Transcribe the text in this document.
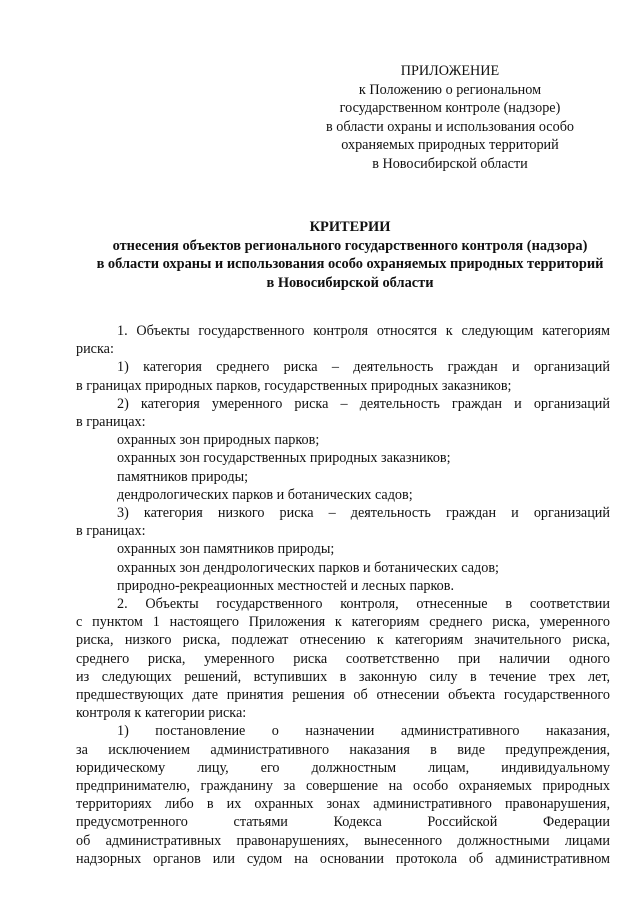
ПРИЛОЖЕНИЕ
к Положению о региональном
государственном контроле (надзоре)
в области охраны и использования особо
охраняемых природных территорий
в Новосибирской области
КРИТЕРИИ
отнесения объектов регионального государственного контроля (надзора)
в области охраны и использования особо охраняемых природных территорий
в Новосибирской области
1. Объекты государственного контроля относятся к следующим категориям
риска:
1) категория среднего риска – деятельность граждан и организаций
в границах природных парков, государственных природных заказников;
2) категория умеренного риска – деятельность граждан и организаций
в границах:
охранных зон природных парков;
охранных зон государственных природных заказников;
памятников природы;
дендрологических парков и ботанических садов;
3) категория низкого риска – деятельность граждан и организаций
в границах:
охранных зон памятников природы;
охранных зон дендрологических парков и ботанических садов;
природно-рекреационных местностей и лесных парков.
2. Объекты государственного контроля, отнесенные в соответствии
с пунктом 1 настоящего Приложения к категориям среднего риска, умеренного
риска, низкого риска, подлежат отнесению к категориям значительного риска,
среднего риска, умеренного риска соответственно при наличии одного
из следующих решений, вступивших в законную силу в течение трех лет,
предшествующих дате принятия решения об отнесении объекта государственного
контроля к категории риска:
1) постановление о назначении административного наказания,
за исключением административного наказания в виде предупреждения,
юридическому лицу, его должностным лицам, индивидуальному
предпринимателю, гражданину за совершение на особо охраняемых природных
территориях либо в их охранных зонах административного правонарушения,
предусмотренного статьями Кодекса Российской Федерации
об административных правонарушениях, вынесенного должностными лицами
надзорных органов или судом на основании протокола об административном
